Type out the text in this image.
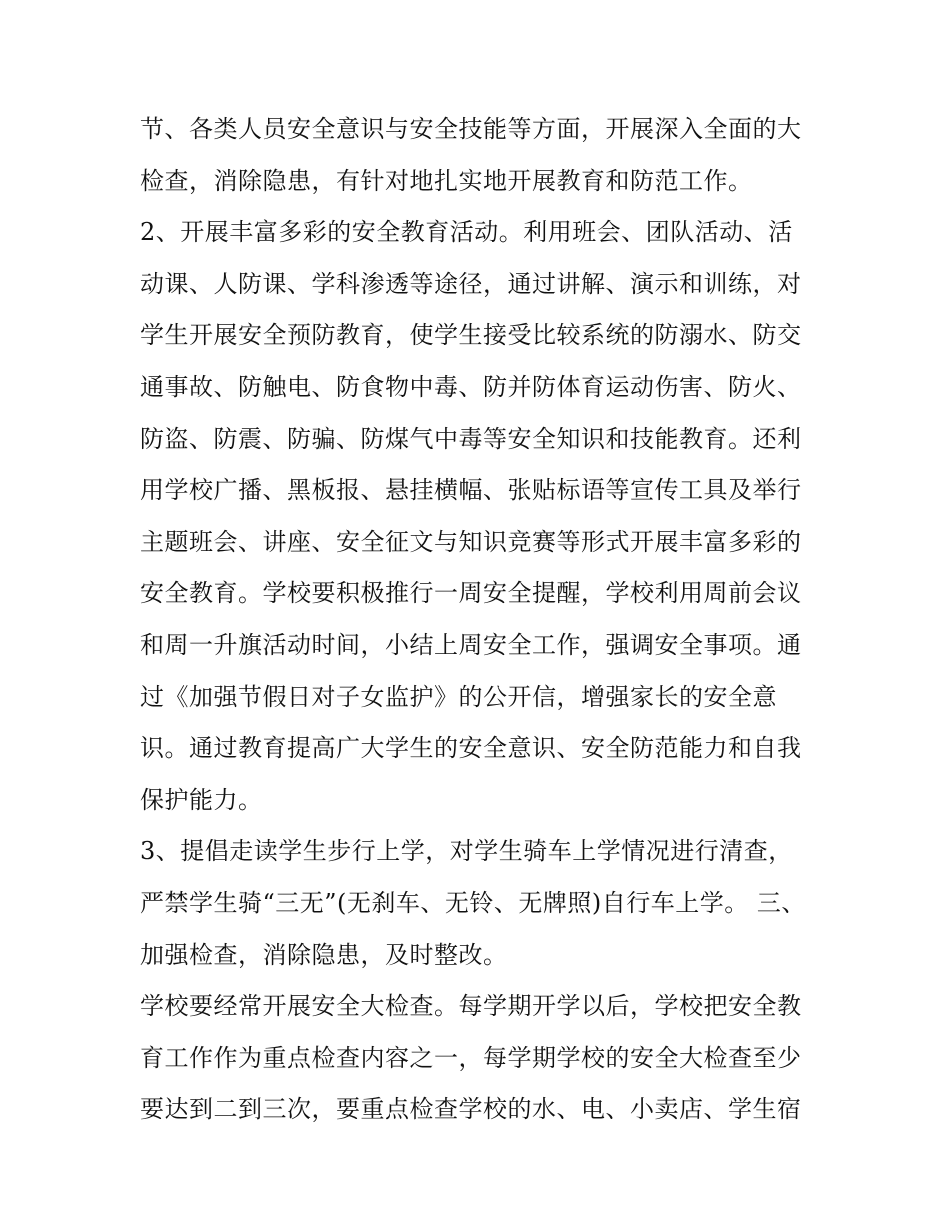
节、各类人员安全意识与安全技能等方面，开展深入全面的大
检查，消除隐患，有针对地扎实地开展教育和防范工作。
2、开展丰富多彩的安全教育活动。利用班会、团队活动、活
动课、人防课、学科渗透等途径，通过讲解、演示和训练，对
学生开展安全预防教育，使学生接受比较系统的防溺水、防交
通事故、防触电、防食物中毒、防并防体育运动伤害、防火、
防盗、防震、防骗、防煤气中毒等安全知识和技能教育。还利
用学校广播、黑板报、悬挂横幅、张贴标语等宣传工具及举行
主题班会、讲座、安全征文与知识竞赛等形式开展丰富多彩的
安全教育。学校要积极推行一周安全提醒，学校利用周前会议
和周一升旗活动时间，小结上周安全工作，强调安全事项。通
过《加强节假日对子女监护》的公开信，增强家长的安全意
识。通过教育提高广大学生的安全意识、安全防范能力和自我
保护能力。
3、提倡走读学生步行上学，对学生骑车上学情况进行清查，
严禁学生骑“三无”(无刹车、无铃、无牌照)自行车上学。 三、
加强检查，消除隐患，及时整改。
学校要经常开展安全大检查。每学期开学以后，学校把安全教
育工作作为重点检查内容之一，每学期学校的安全大检查至少
要达到二到三次，要重点检查学校的水、电、小卖店、学生宿
